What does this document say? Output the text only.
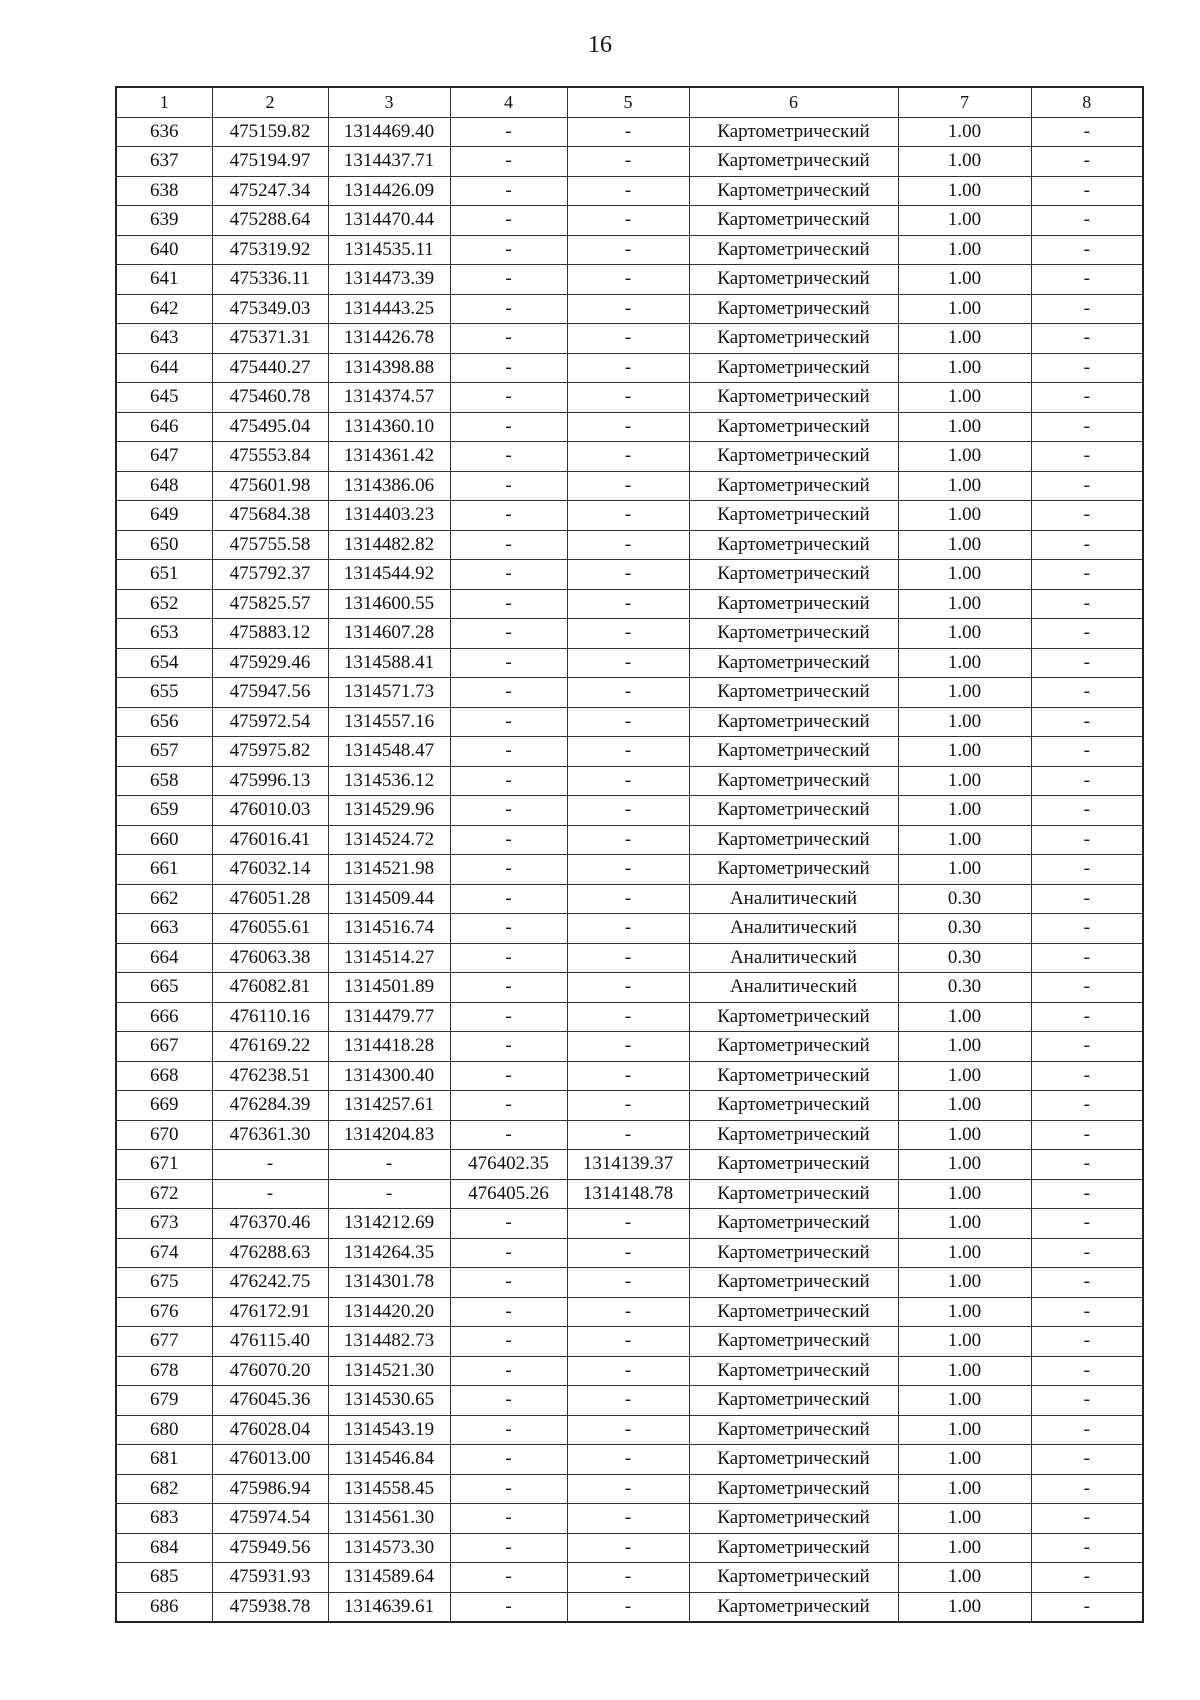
16
1	2	3	4	5	6	7	8
636	475159.82	1314469.40	-	-	Картометрический	1.00	-
637	475194.97	1314437.71	-	-	Картометрический	1.00	-
638	475247.34	1314426.09	-	-	Картометрический	1.00	-
639	475288.64	1314470.44	-	-	Картометрический	1.00	-
640	475319.92	1314535.11	-	-	Картометрический	1.00	-
641	475336.11	1314473.39	-	-	Картометрический	1.00	-
642	475349.03	1314443.25	-	-	Картометрический	1.00	-
643	475371.31	1314426.78	-	-	Картометрический	1.00	-
644	475440.27	1314398.88	-	-	Картометрический	1.00	-
645	475460.78	1314374.57	-	-	Картометрический	1.00	-
646	475495.04	1314360.10	-	-	Картометрический	1.00	-
647	475553.84	1314361.42	-	-	Картометрический	1.00	-
648	475601.98	1314386.06	-	-	Картометрический	1.00	-
649	475684.38	1314403.23	-	-	Картометрический	1.00	-
650	475755.58	1314482.82	-	-	Картометрический	1.00	-
651	475792.37	1314544.92	-	-	Картометрический	1.00	-
652	475825.57	1314600.55	-	-	Картометрический	1.00	-
653	475883.12	1314607.28	-	-	Картометрический	1.00	-
654	475929.46	1314588.41	-	-	Картометрический	1.00	-
655	475947.56	1314571.73	-	-	Картометрический	1.00	-
656	475972.54	1314557.16	-	-	Картометрический	1.00	-
657	475975.82	1314548.47	-	-	Картометрический	1.00	-
658	475996.13	1314536.12	-	-	Картометрический	1.00	-
659	476010.03	1314529.96	-	-	Картометрический	1.00	-
660	476016.41	1314524.72	-	-	Картометрический	1.00	-
661	476032.14	1314521.98	-	-	Картометрический	1.00	-
662	476051.28	1314509.44	-	-	Аналитический	0.30	-
663	476055.61	1314516.74	-	-	Аналитический	0.30	-
664	476063.38	1314514.27	-	-	Аналитический	0.30	-
665	476082.81	1314501.89	-	-	Аналитический	0.30	-
666	476110.16	1314479.77	-	-	Картометрический	1.00	-
667	476169.22	1314418.28	-	-	Картометрический	1.00	-
668	476238.51	1314300.40	-	-	Картометрический	1.00	-
669	476284.39	1314257.61	-	-	Картометрический	1.00	-
670	476361.30	1314204.83	-	-	Картометрический	1.00	-
671	-	-	476402.35	1314139.37	Картометрический	1.00	-
672	-	-	476405.26	1314148.78	Картометрический	1.00	-
673	476370.46	1314212.69	-	-	Картометрический	1.00	-
674	476288.63	1314264.35	-	-	Картометрический	1.00	-
675	476242.75	1314301.78	-	-	Картометрический	1.00	-
676	476172.91	1314420.20	-	-	Картометрический	1.00	-
677	476115.40	1314482.73	-	-	Картометрический	1.00	-
678	476070.20	1314521.30	-	-	Картометрический	1.00	-
679	476045.36	1314530.65	-	-	Картометрический	1.00	-
680	476028.04	1314543.19	-	-	Картометрический	1.00	-
681	476013.00	1314546.84	-	-	Картометрический	1.00	-
682	475986.94	1314558.45	-	-	Картометрический	1.00	-
683	475974.54	1314561.30	-	-	Картометрический	1.00	-
684	475949.56	1314573.30	-	-	Картометрический	1.00	-
685	475931.93	1314589.64	-	-	Картометрический	1.00	-
686	475938.78	1314639.61	-	-	Картометрический	1.00	-
